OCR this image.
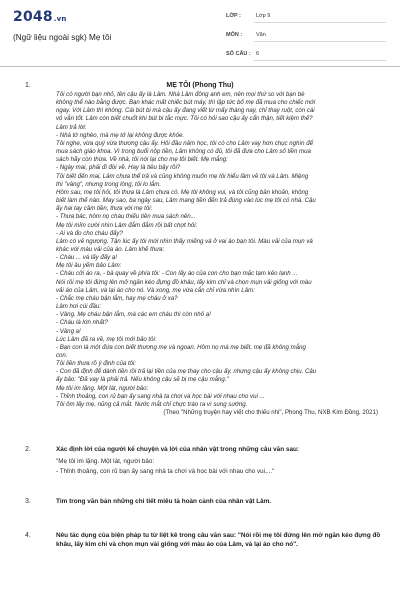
2048.vn
(Ngữ liệu ngoài sgk) Mẹ tôi
LỚP :	Lớp 9
MÔN :	Văn
SỐ CÂU : 6
1.	MẸ TÔI (Phong Thu)

Tôi có người bạn nhỏ, tên cậu ấy là Lâm. Nhà Lâm đông anh em, nên mọi thứ so với bạn bè

không thể nào bằng được. Bạn khác mất chiếc bút máy, thì lập tức bố mẹ đã mua cho chiếc mới

ngay. Với Lâm thì không. Cái bút bi mà cậu ấy đang viết từ mấy tháng nay, chỉ thay ruột, còn cái

vỏ vẫn tốt. Lâm còn biết chuốt khi bút bi tắc mực. Tôi có hỏi sao cậu ấy cẩn thận, tiết kiệm thế?

Lâm trả lời:

- Nhà tớ nghèo, mà mẹ tớ lại không được khỏe.

Tôi nghe, vừa quý vừa thương cậu ấy. Hôi đầu năm học, tôi có cho Lâm vay hơn chục nghìn để

mua sách giáo khoa. Vì trong buổi nộp tiền, Lâm không có đủ, tôi đã đưa cho Lâm số tiền mua

sách hãy còn thừa. Về nhà, tôi nói lại cho mẹ tôi biết. Mẹ mắng:

- Ngày mai, phải đi đòi về. Hay là tiêu bậy rồi?

Tôi biết đến mai, Lâm chưa thể trả và cũng không muốn mẹ tôi hiểu lầm về tôi và Lâm. Miệng

thì "vâng", nhưng trong lòng, tôi lo lắm.

Hôm sau, mẹ tôi hỏi, tôi thưa là Lâm chưa có. Mẹ tôi không vui, và tôi cũng băn khoăn, không

biết làm thế nào. May sao, ba ngày sau, Lâm mang tiền đến trả đúng vào lúc mẹ tôi có nhà. Cậu

ấy hai tay cầm tiền, thưa với mẹ tôi:

- Thưa bác, hôm nọ cháu thiếu tiền mua sách nên...

Mẹ tôi mỉm cười nhìn Lâm đắm đắm rồi bất chợt hỏi:

- Ai và đo cho cháu đấy?

Lâm có vẻ ngượng. Tận lúc ấy tôi mới nhìn thấy miếng vá ở vai áo bạn tôi. Màu vải của mụn vá

khác với màu vải của áo. Lâm khẽ thưa:

- Cháu ... vá lấy đấy ạ!

Mẹ tôi âu yếm bảo Lâm:

- Cháu cởi áo ra, - bà quay về phía tôi: - Con lấy áo của con cho bạn mặc tạm kẻo lạnh ...

Nói rồi mẹ tôi đứng lên mở ngăn kéo đựng đồ khâu, lấy kim chỉ và chọn mụn vải giống với màu

vải áo của Lâm, và lại áo cho nó. Và xong, mẹ vừa cắn chỉ vừa nhìn Lâm:

- Chắc mẹ cháu bận lắm, hay mẹ cháu ở xa?

Lâm hơi cúi đầu:

- Vâng. Mẹ cháu bận lắm, mà các em cháu thì còn nhỏ ạ!

- Cháu là lớn nhất?

- Vâng ạ!

Lúc Lâm đã ra về, mẹ tôi mới bảo tôi:

- Bạn con là một đứa con biết thương mẹ và ngoan. Hôm nọ mà mẹ biết, mẹ đã không mắng

con.

Tôi liền thưa rõ ý định của tôi:

- Con đã định để dành tiền rồi trả lại tiền của mẹ thay cho cậu ấy, nhưng cậu ấy không chịu. Cậu

ấy bảo: "Đã vay là phải trả. Nếu không cậu sẽ bị mẹ cậu mắng."

Mẹ tôi im lặng. Một lát, người bảo:

- Thỉnh thoảng, con rủ bạn ấy sang nhà ta chơi và học bài với nhau cho vui ...

Tôi ôm lấy mẹ, nũng cả mắt. Nước mắt chỉ chực trào ra vì sung sướng.

(Theo "Những truyện hay viết cho thiếu nhi", Phong Thu, NXB Kim Đồng, 2021)

2.	Xác định lời của người kể chuyện và lời của nhân vật trong những câu văn sau:
"Mẹ tôi im lặng. Một lát, người bảo:
- Thỉnh thoảng, con rủ bạn ấy sang nhà ta chơi và học bài với nhau cho vui,..."
3.	Tìm trong văn bản những chi tiết miêu tả hoàn cảnh của nhân vật Lâm.
4.	Nêu tác dụng của biện pháp tu từ liệt kê trong câu văn sau: "Nói rồi mẹ tôi đứng lên mở ngăn kéo đựng đồ khâu, lấy kim chỉ và chọn mụn vải giống với màu áo của Lâm, và lại áo cho nó".
